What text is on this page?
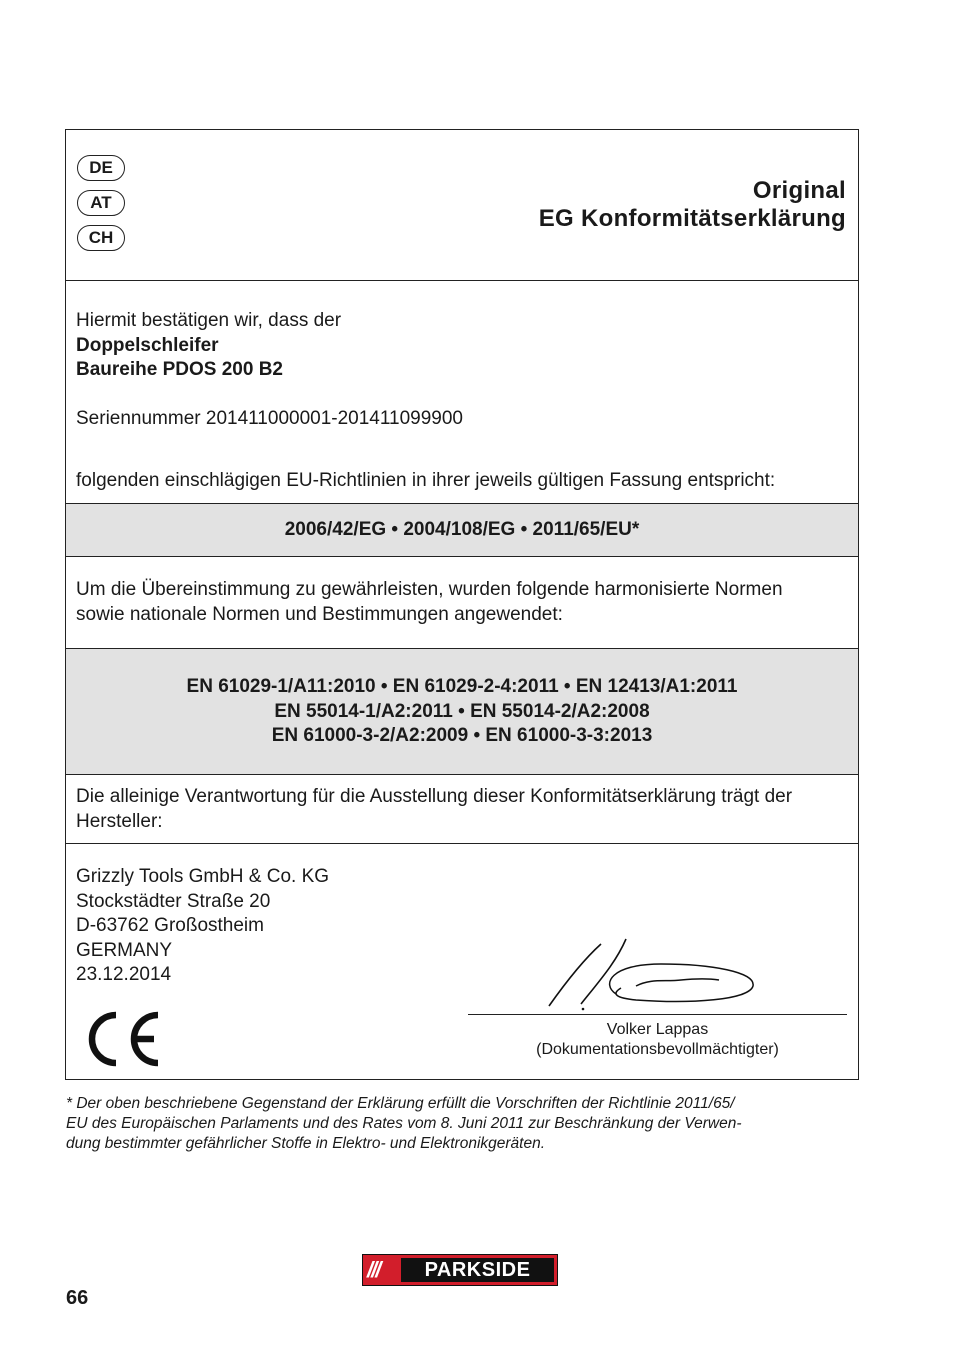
DE
AT
CH
Original
EG Konformitätserklärung
Hiermit bestätigen wir, dass der
Doppelschleifer
Baureihe PDOS 200 B2
Seriennummer 201411000001-201411099900
folgenden einschlägigen EU-Richtlinien in ihrer jeweils gültigen Fassung entspricht:
2006/42/EG • 2004/108/EG • 2011/65/EU*
Um die Übereinstimmung zu gewährleisten, wurden folgende harmonisierte Normen
sowie nationale Normen und Bestimmungen angewendet:
EN 61029-1/A11:2010 • EN 61029-2-4:2011 • EN 12413/A1:2011
EN 55014-1/A2:2011 • EN 55014-2/A2:2008
EN 61000-3-2/A2:2009 • EN 61000-3-3:2013
Die alleinige Verantwortung für die Ausstellung dieser Konformitätserklärung trägt der
Hersteller:
Grizzly Tools GmbH & Co. KG
Stockstädter Straße 20
D-63762 Großostheim
GERMANY
23.12.2014
Volker Lappas
(Dokumentationsbevollmächtigter)
* Der oben beschriebene Gegenstand der Erklärung erfüllt die Vorschriften der Richtlinie 2011/65/
EU des Europäischen Parlaments und des Rates vom 8. Juni 2011 zur Beschränkung der Verwen-
dung bestimmter gefährlicher Stoffe in Elektro- und Elektronikgeräten.
///	PARKSIDE
66
